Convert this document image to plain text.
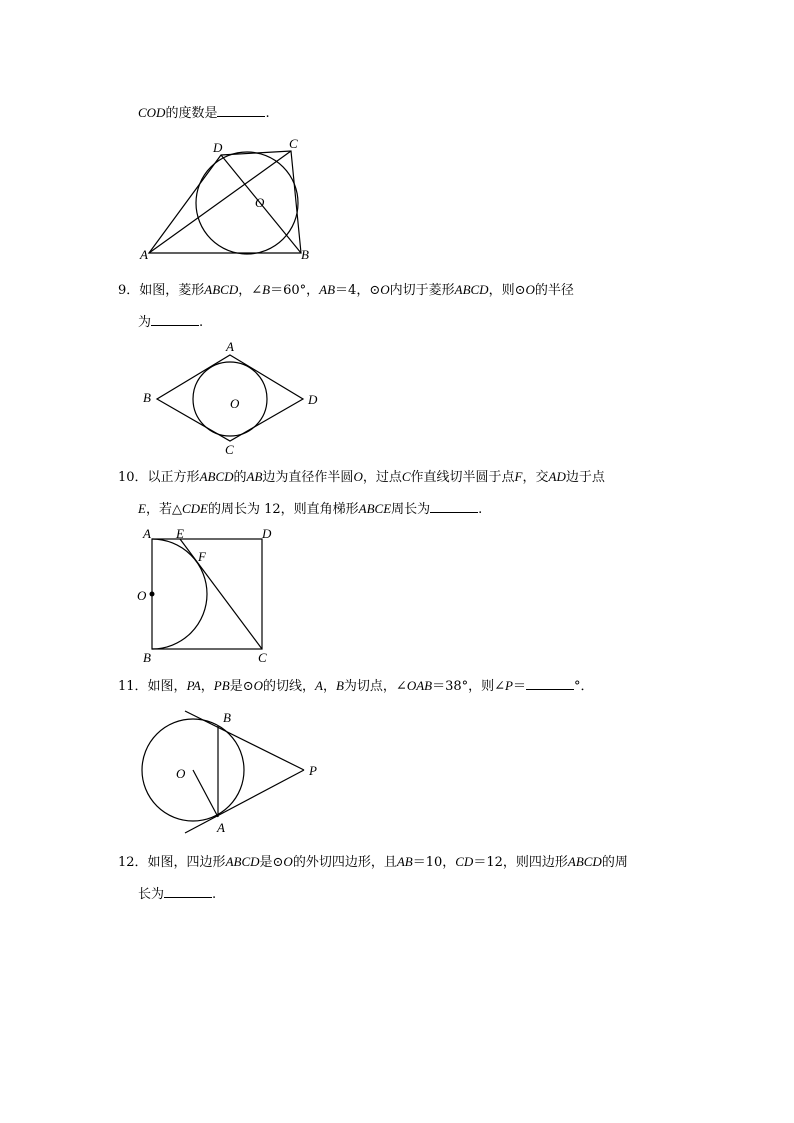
COD的度数是	.
D	C
O
A	B
9．如图，菱形ABCD，∠B＝60°，AB＝4，⊙O内切于菱形ABCD，则⊙O的半径
为	.
A
B	O	D
C
10．以正方形ABCD的AB边为直径作半圆O，过点C作直线切半圆于点F，交AD边于点
E，若△CDE的周长为 12，则直角梯形ABCE周长为	.
A E	D
F
O
B	C
11．如图，PA，PB是⊙O的切线，A，B为切点，∠OAB＝38°，则∠P＝	°．
B
O	P
A
12．如图，四边形ABCD是⊙O的外切四边形，且AB＝10，CD＝12，则四边形ABCD的周
长为	.
